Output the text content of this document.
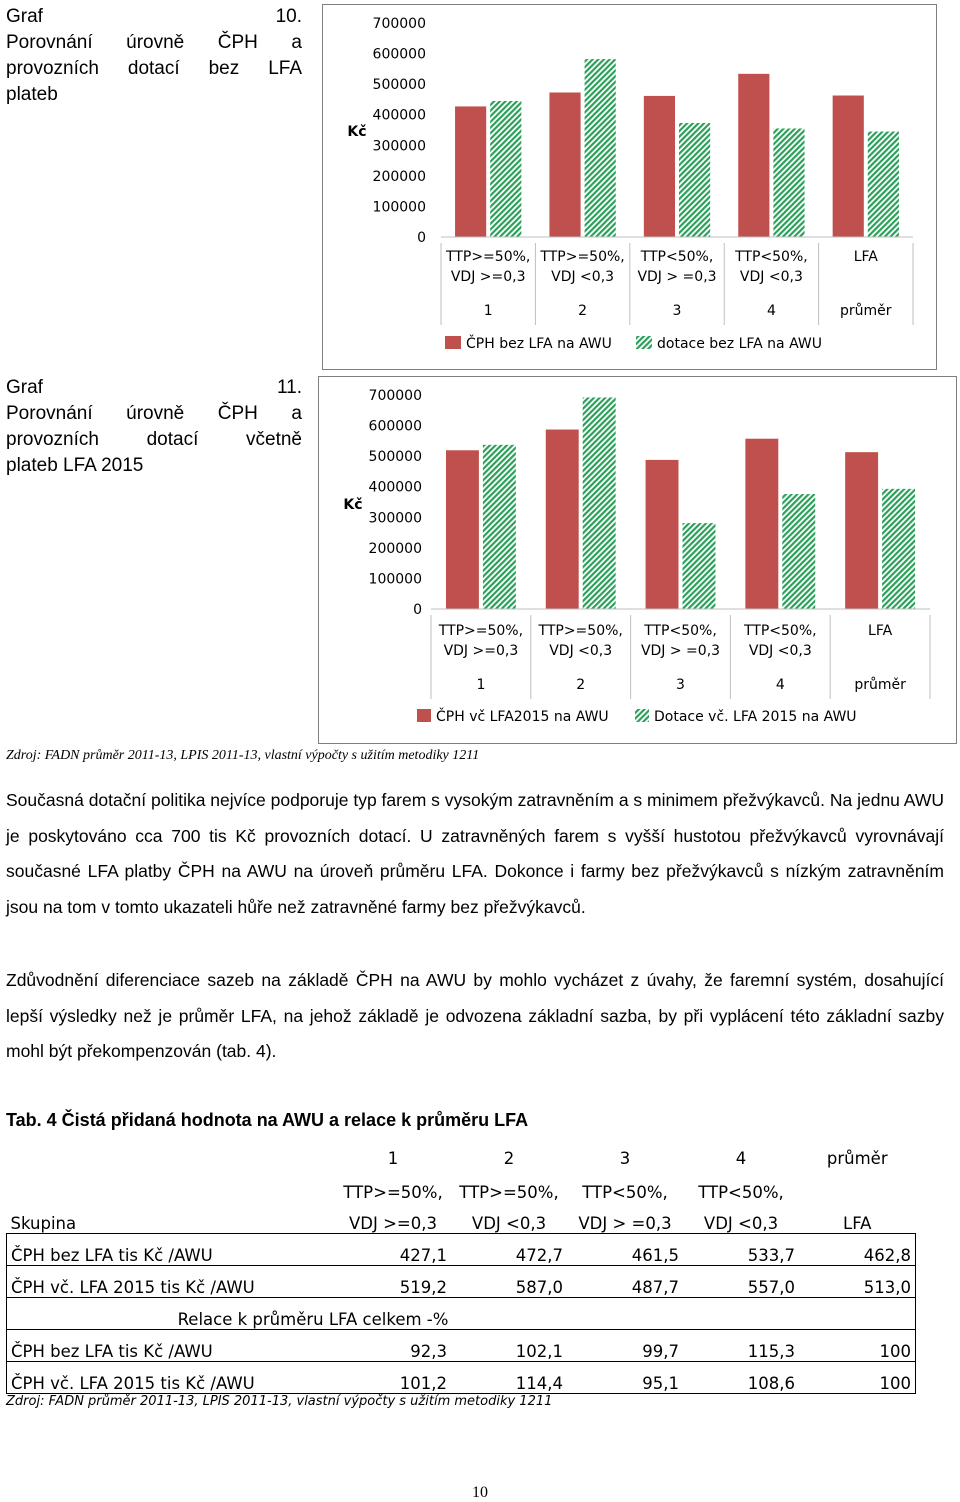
Graf 10.
Porovnání úrovně ČPH a
provozních dotací bez LFA
plateb
700000
600000
500000
400000
300000
200000
100000
0
Kč
TTP>=50%,
VDJ >=0,3
1
TTP>=50%,
VDJ <0,3
2
TTP<50%,
VDJ > =0,3
3
TTP<50%,
VDJ <0,3
4
LFA
průměr
ČPH bez LFA na AWU	dotace bez LFA na AWU
Graf 11.
Porovnání úrovně ČPH a
provozních dotací včetně
plateb LFA 2015
700000
600000
500000
400000
300000
200000
100000
0
Kč
TTP>=50%,
VDJ >=0,3
1
TTP>=50%,
VDJ <0,3
2
TTP<50%,
VDJ > =0,3
3
TTP<50%,
VDJ <0,3
4
LFA
průměr
ČPH vč LFA2015 na AWU	Dotace vč. LFA 2015 na AWU
Zdroj: FADN průměr 2011-13, LPIS 2011-13, vlastní výpočty s užitím metodiky 1211

Současná dotační politika nejvíce podporuje typ farem s vysokým zatravněním a s minimem přežvýkavců. Na jednu AWU je poskytováno cca 700 tis Kč provozních dotací. U zatravněných farem s vyšší hustotou přežvýkavců vyrovnávají současné LFA platby ČPH na AWU na úroveň průměru LFA. Dokonce i farmy bez přežvýkavců s nízkým zatravněním jsou na tom v tomto ukazateli hůře než zatravněné farmy bez přežvýkavců.

Zdůvodnění diferenciace sazeb na základě ČPH na AWU by mohlo vycházet z úvahy, že faremní systém, dosahující lepší výsledky než je průměr LFA, na jehož základě je odvozena základní sazba, by při vyplácení této základní sazby mohl být překompenzován (tab. 4).

Tab. 4 Čistá přidaná hodnota na AWU a relace k průměru LFA
	1	2	3	4	průměr
	TTP>=50%,	TTP>=50%,	TTP<50%,	TTP<50%,	
Skupina	VDJ >=0,3	VDJ <0,3	VDJ > =0,3	VDJ <0,3	LFA
ČPH bez LFA tis Kč /AWU	427,1	472,7	461,5	533,7	462,8
ČPH vč. LFA 2015 tis Kč /AWU	519,2	587,0	487,7	557,0	513,0
Relace k průměru LFA celkem -%					
ČPH bez LFA tis Kč /AWU	92,3	102,1	99,7	115,3	100
ČPH vč. LFA 2015 tis Kč /AWU	101,2	114,4	95,1	108,6	100
Zdroj: FADN průměr 2011-13, LPIS 2011-13, vlastní výpočty s užitím metodiky 1211
10
